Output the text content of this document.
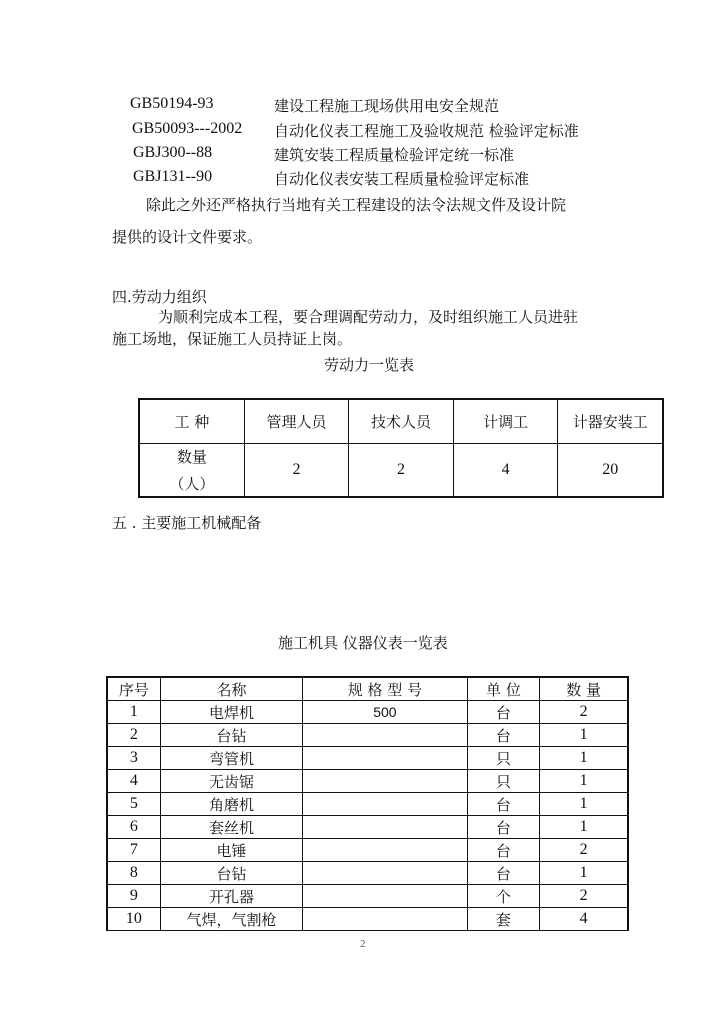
GB50194-93	建设工程施工现场供用电安全规范
GB50093---2002 自动化仪表工程施工及验收规范 检验评定标准
GBJ300--88	建筑安装工程质量检验评定统一标准
GBJ131--90	自动化仪表安装工程质量检验评定标准
除此之外还严格执行当地有关工程建设的法令法规文件及设计院
提供的设计文件要求。
四.劳动力组织
为顺利完成本工程，要合理调配劳动力，及时组织施工人员进驻
施工场地，保证施工人员持证上岗。
劳动力一览表
工 种	管理人员	技术人员	计调工	计器安装工

数量
（人）	2	2	4	20
五 . 主要施工机械配备
施工机具 仪器仪表一览表
序号	名称	规 格 型 号	单 位	数 量
1	电焊机	500	台	2
2	台钻		台	1
3	弯管机		只	1
4	无齿锯		只	1
5	角磨机		台	1
6	套丝机		台	1
7	电锤		台	2
8	台钻		台	1
9	开孔器		个	2
10	气焊，气割枪		套	4
2
